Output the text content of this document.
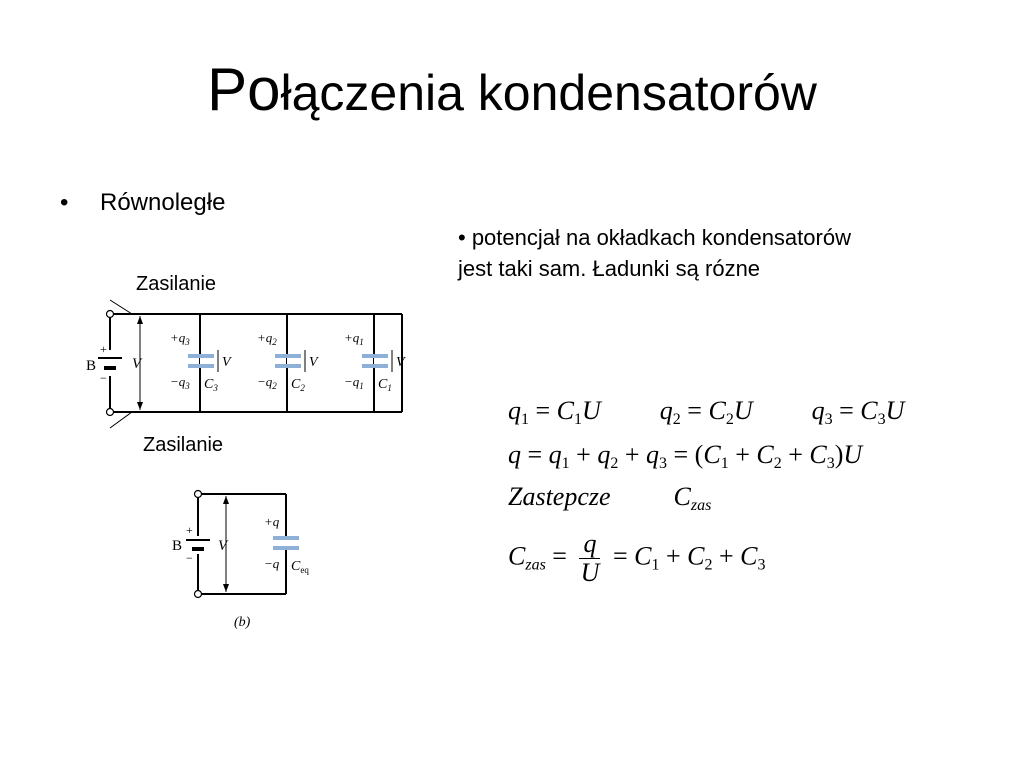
Połączenia kondensatorów
• Równoległe
• potencjał na okładkach kondensatorów
jest taki sam. Ładunki są rózne
Zasilanie
Zasilanie
B
+
−
V
$+q_3$
$-q_3$ $C_3$
V
$+q_2$
$-q_2$ $C_2$
V
$+q_1$
$-q_1$ $C_1$
V
B
+
−
V
+q
−q $C_{eq}$
(b)
$q_1 = C_1U$ $q_2 = C_2U$ $q_3 = C_3U$
$q = q_1 + q_2 + q_3 = (C_1 + C_2 + C_3)U$
Zastepcze $C_{zas}$
$C_{zas} = \frac{q}{U} = C_1 + C_2 + C_3$
